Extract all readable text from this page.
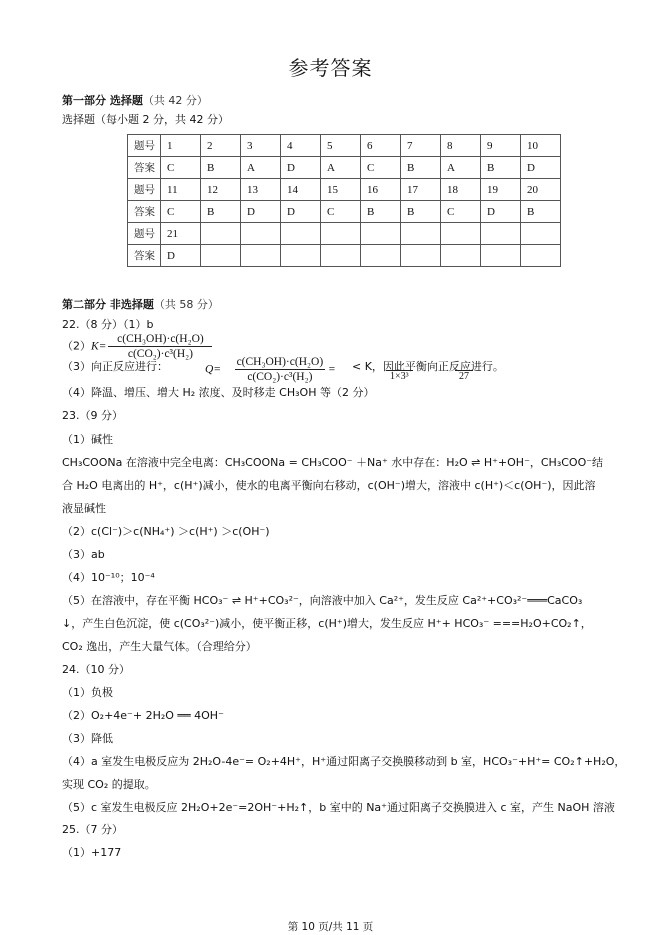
参考答案
第一部分 选择题（共 42 分）
选择题（每小题 2 分，共 42 分）
题号	1	2	3	4	5	6	7	8	9	10
答案	C	B	A	D	A	C	B	A	B	D
题号	11	12	13	14	15	16	17	18	19	20
答案	C	B	D	D	C	B	B	C	D	B
题号	21									
答案	D									
第二部分 非选择题（共 58 分）
22.（8 分）（1）b
$(2)K= \frac{\text{c(CH₃OH)·c(H₂O)}}{\text{c(CO₂)·c³(H₂)}}$
（3）向正反应进行：	$Q= \frac{\text{c(CH₃OH)·c(H₂O)}}{\text{c(CO₂)·c³(H₂)}}$ = < K，因此平衡向正反应进行。
1×3³	27
（4）降温、增压、增大 H₂ 浓度、及时移走 CH₃OH 等（2 分）
23.（9 分）
（1）碱性
CH₃COONa 在溶液中完全电离：CH₃COONa = CH₃COO⁻ ＋Na⁺ 水中存在：H₂O ⇌ H⁺+OH⁻，CH₃COO⁻结
合 H₂O 电离出的 H⁺，c(H⁺)减小，使水的电离平衡向右移动，c(OH⁻)增大，溶液中 c(H⁺)＜c(OH⁻)，因此溶
液显碱性
（2）c(Cl⁻)＞c(NH₄⁺) ＞c(H⁺) ＞c(OH⁻)
（3）ab
（4）10⁻¹⁰；10⁻⁴
（5）在溶液中，存在平衡 HCO₃⁻ ⇌ H⁺+CO₃²⁻，向溶液中加入 Ca²⁺，发生反应 Ca²⁺+CO₃²⁻═══CaCO₃
↓，产生白色沉淀，使 c(CO₃²⁻)减小，使平衡正移，c(H⁺)增大，发生反应 H⁺+ HCO₃⁻ ===H₂O+CO₂↑，
CO₂ 逸出，产生大量气体。（合理给分）
24.（10 分）
（1）负极
（2）O₂+4e⁻+ 2H₂O ══ 4OH⁻
（3）降低
（4）a 室发生电极反应为 2H₂O-4e⁻= O₂+4H⁺，H⁺通过阳离子交换膜移动到 b 室，HCO₃⁻+H⁺= CO₂↑+H₂O，
实现 CO₂ 的提取。
（5）c 室发生电极反应 2H₂O+2e⁻=2OH⁻+H₂↑，b 室中的 Na⁺通过阳离子交换膜进入 c 室，产生 NaOH 溶液
25.（7 分）
（1）+177
第 10 页/共 11 页
